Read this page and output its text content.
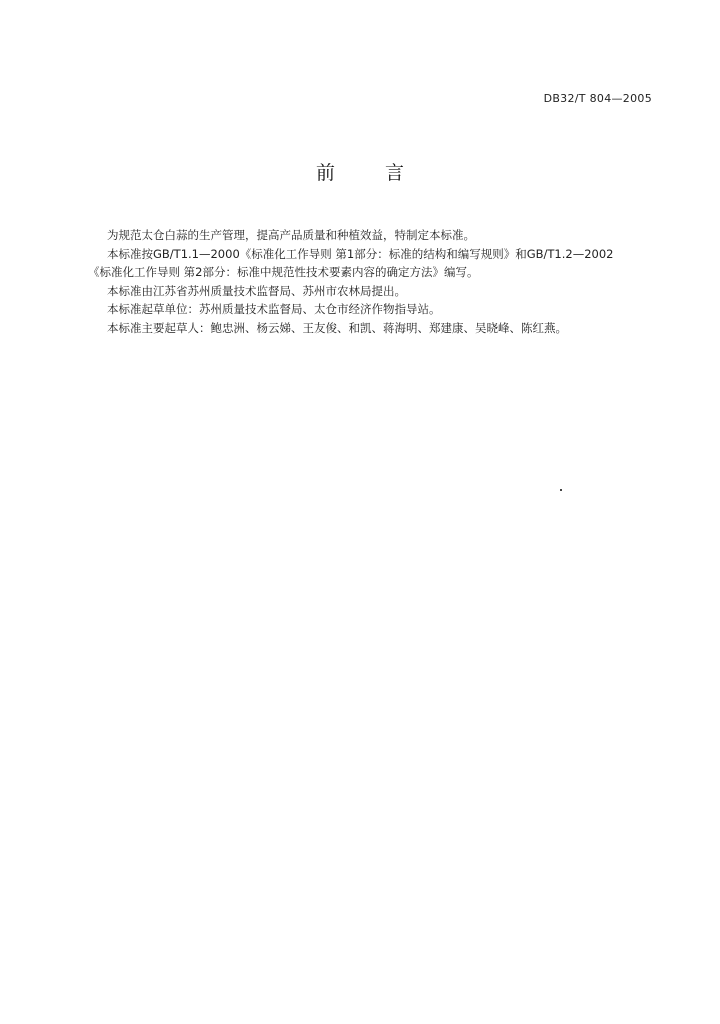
DB32/T 804—2005
前 言

为规范太仓白蒜的生产管理，提高产品质量和种植效益，特制定本标准。

本标准按GB/T1.1—2000《标准化工作导则 第1部分：标准的结构和编写规则》和GB/T1.2—2002

《标准化工作导则 第2部分：标准中规范性技术要素内容的确定方法》编写。

本标准由江苏省苏州质量技术监督局、苏州市农林局提出。

本标准起草单位：苏州质量技术监督局、太仓市经济作物指导站。

本标准主要起草人：鲍忠洲、杨云娣、王友俊、和凯、蒋海明、郑建康、吴晓峰、陈红燕。
